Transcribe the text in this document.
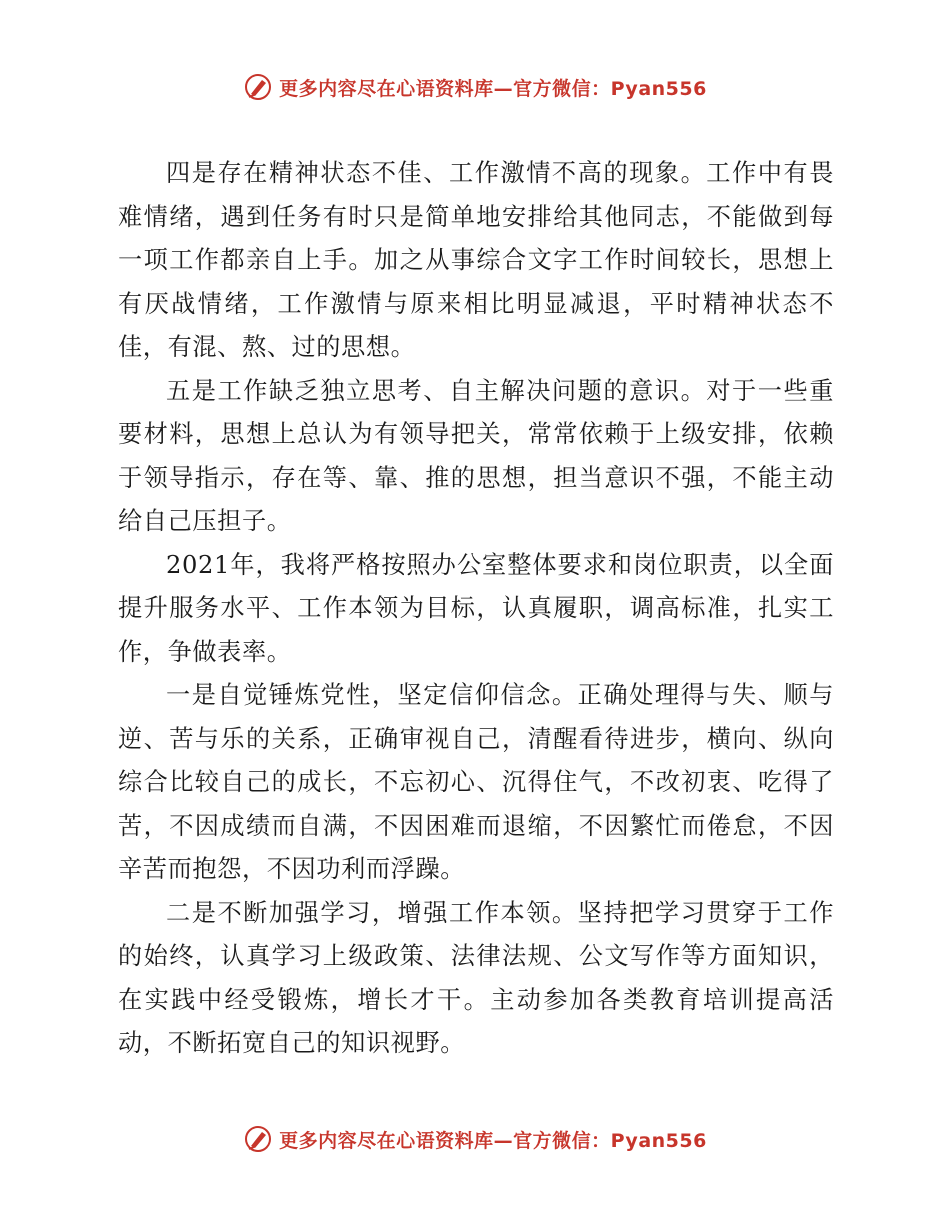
更多内容尽在心语资料库—官方微信：Pyan556

四是存在精神状态不佳、工作激情不高的现象。工作中有畏难情绪，遇到任务有时只是简单地安排给其他同志，不能做到每一项工作都亲自上手。加之从事综合文字工作时间较长，思想上有厌战情绪，工作激情与原来相比明显减退，平时精神状态不佳，有混、熬、过的思想。

五是工作缺乏独立思考、自主解决问题的意识。对于一些重要材料，思想上总认为有领导把关，常常依赖于上级安排，依赖于领导指示，存在等、靠、推的思想，担当意识不强，不能主动给自己压担子。

2021年，我将严格按照办公室整体要求和岗位职责，以全面提升服务水平、工作本领为目标，认真履职，调高标准，扎实工作，争做表率。

一是自觉锤炼党性，坚定信仰信念。正确处理得与失、顺与逆、苦与乐的关系，正确审视自己，清醒看待进步，横向、纵向综合比较自己的成长，不忘初心、沉得住气，不改初衷、吃得了苦，不因成绩而自满，不因困难而退缩，不因繁忙而倦怠，不因辛苦而抱怨，不因功利而浮躁。

二是不断加强学习，增强工作本领。坚持把学习贯穿于工作的始终，认真学习上级政策、法律法规、公文写作等方面知识，在实践中经受锻炼，增长才干。主动参加各类教育培训提高活动，不断拓宽自己的知识视野。

更多内容尽在心语资料库—官方微信：Pyan556
